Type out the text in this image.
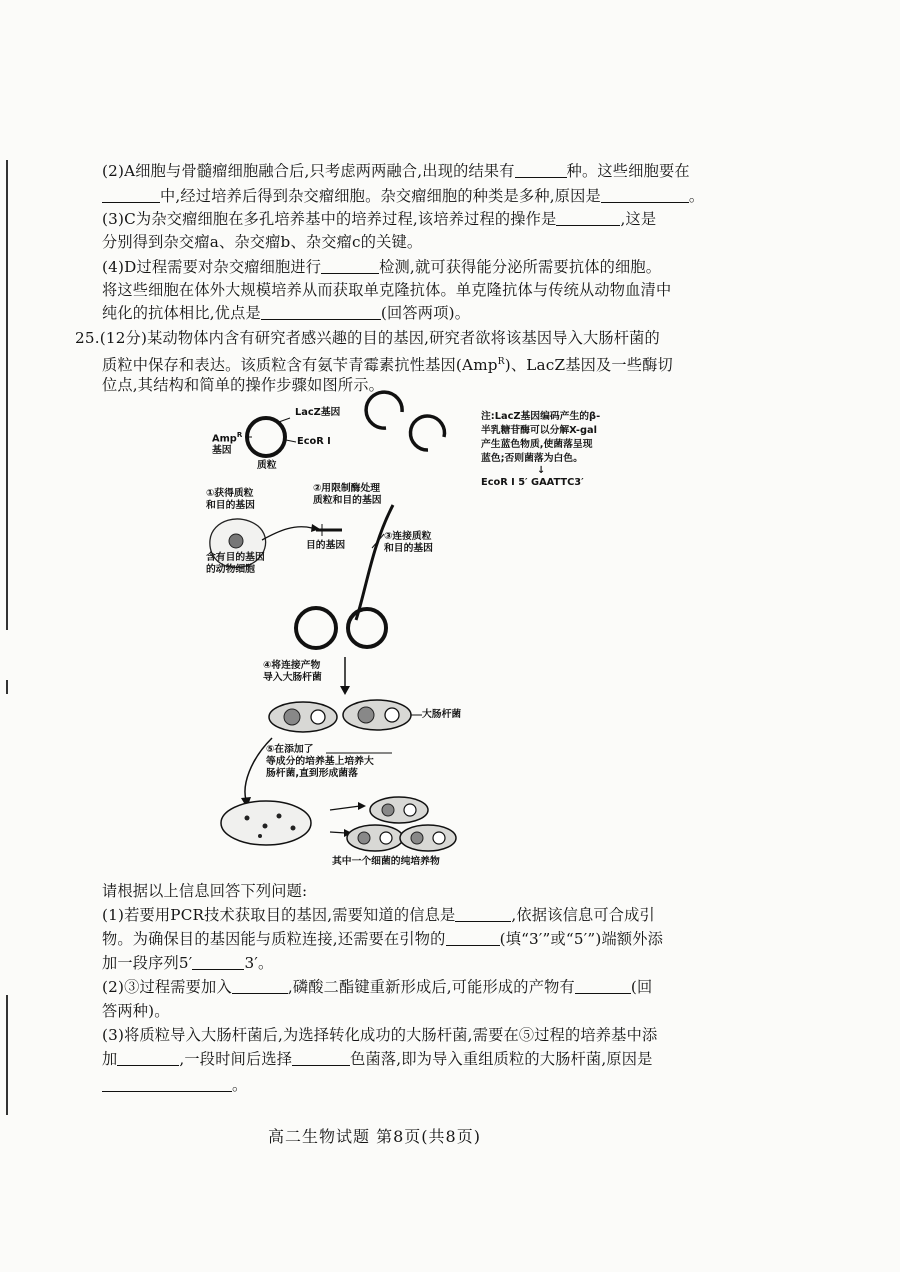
(2)A细胞与骨髓瘤细胞融合后,只考虑两两融合,出现的结果有	种。这些细胞要在
中,经过培养后得到杂交瘤细胞。杂交瘤细胞的种类是多种,原因是	。
(3)C为杂交瘤细胞在多孔培养基中的培养过程,该培养过程的操作是	,这是
分别得到杂交瘤a、杂交瘤b、杂交瘤c的关键。
(4)D过程需要对杂交瘤细胞进行	检测,就可获得能分泌所需要抗体的细胞。
将这些细胞在体外大规模培养从而获取单克隆抗体。单克隆抗体与传统从动物血清中
纯化的抗体相比,优点是	(回答两项)。
25.(12分)某动物体内含有研究者感兴趣的目的基因,研究者欲将该基因导入大肠杆菌的
质粒中保存和表达。该质粒含有氨苄青霉素抗性基因(Amp$^R$)、LacZ基因及一些酶切
位点,其结构和简单的操作步骤如图所示。
LacZ基因
Amp$^R$
基因
EcoR I
质粒
注:LacZ基因编码产生的β-
半乳糖苷酶可以分解X-gal
产生蓝色物质,使菌落呈现
蓝色;否则菌落为白色。
↓
EcoR I 5′ GAATTC3′
①获得质粒
和目的基因
②用限制酶处理
质粒和目的基因
含有目的基因
的动物细胞
目的基因
③连接质粒
和目的基因
④将连接产物
导入大肠杆菌
大肠杆菌
⑤在添加了
等成分的培养基上培养大
肠杆菌,直到形成菌落
其中一个细菌的纯培养物
请根据以上信息回答下列问题:
(1)若要用PCR技术获取目的基因,需要知道的信息是	,依据该信息可合成引
物。为确保目的基因能与质粒连接,还需要在引物的	(填“3′”或“5′”)端额外添
加一段序列5′	3′。
(2)③过程需要加入	,磷酸二酯键重新形成后,可能形成的产物有	(回
答两种)。
(3)将质粒导入大肠杆菌后,为选择转化成功的大肠杆菌,需要在⑤过程的培养基中添
加	,一段时间后选择	色菌落,即为导入重组质粒的大肠杆菌,原因是
。
高二生物试题 第8页(共8页)
